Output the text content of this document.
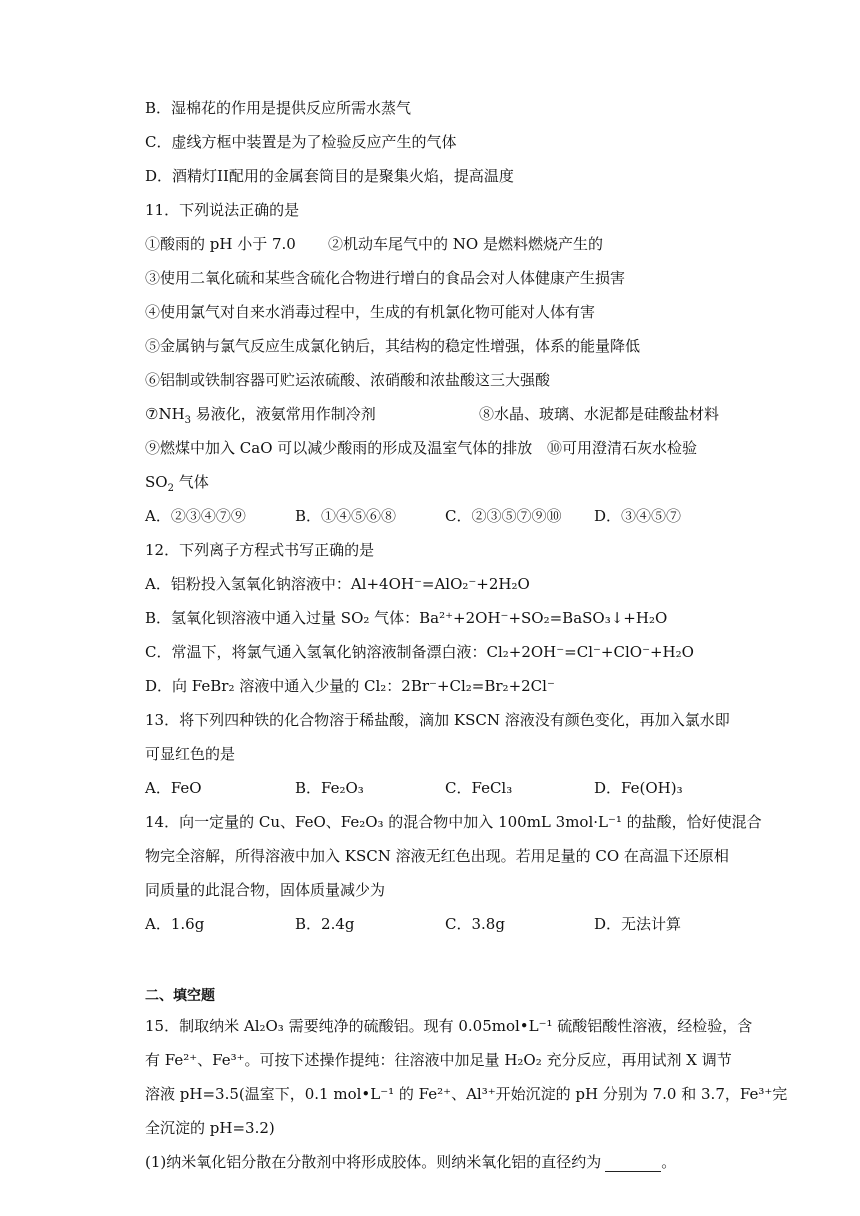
B．湿棉花的作用是提供反应所需水蒸气
C．虚线方框中装置是为了检验反应产生的气体
D．酒精灯II配用的金属套筒目的是聚集火焰，提高温度
11．下列说法正确的是
①酸雨的 pH 小于 7.0 ②机动车尾气中的 NO 是燃料燃烧产生的
③使用二氧化硫和某些含硫化合物进行增白的食品会对人体健康产生损害
④使用氯气对自来水消毒过程中，生成的有机氯化物可能对人体有害
⑤金属钠与氯气反应生成氯化钠后，其结构的稳定性增强，体系的能量降低
⑥铝制或铁制容器可贮运浓硫酸、浓硝酸和浓盐酸这三大强酸
$⑦NH_3$ 易液化，液氨常用作制冷剂	⑧水晶、玻璃、水泥都是硅酸盐材料
⑨燃煤中加入 CaO 可以减少酸雨的形成及温室气体的排放 ⑩可用澄清石灰水检验
$SO_2$ 气体
A．②③④⑦⑨	B．①④⑤⑥⑧	C．②③⑤⑦⑨⑩ D．③④⑤⑦
12．下列离子方程式书写正确的是
A．铝粉投入氢氧化钠溶液中：Al+4OH⁻=AlO₂⁻+2H₂O
B．氢氧化钡溶液中通入过量 SO₂ 气体：Ba²⁺+2OH⁻+SO₂=BaSO₃↓+H₂O
C．常温下，将氯气通入氢氧化钠溶液制备漂白液：Cl₂+2OH⁻=Cl⁻+ClO⁻+H₂O
D．向 FeBr₂ 溶液中通入少量的 Cl₂：2Br⁻+Cl₂=Br₂+2Cl⁻
13．将下列四种铁的化合物溶于稀盐酸，滴加 KSCN 溶液没有颜色变化，再加入氯水即
可显红色的是
A．FeO	B．Fe₂O₃	C．FeCl₃	D．Fe(OH)₃
14．向一定量的 Cu、FeO、Fe₂O₃ 的混合物中加入 100mL 3mol·L⁻¹ 的盐酸，恰好使混合
物完全溶解，所得溶液中加入 KSCN 溶液无红色出现。若用足量的 CO 在高温下还原相
同质量的此混合物，固体质量减少为
A．1.6g	B．2.4g	C．3.8g	D．无法计算
二、填空题
15．制取纳米 Al₂O₃ 需要纯净的硫酸铝。现有 0.05mol•L⁻¹ 硫酸铝酸性溶液，经检验，含
有 Fe²⁺、Fe³⁺。可按下述操作提纯：往溶液中加足量 H₂O₂ 充分反应，再用试剂 X 调节
溶液 pH=3.5(温室下，0.1 mol•L⁻¹ 的 Fe²⁺、Al³⁺开始沉淀的 pH 分别为 7.0 和 3.7，Fe³⁺完
全沉淀的 pH=3.2)
(1)纳米氧化铝分散在分散剂中将形成胶体。则纳米氧化铝的直径约为	。
